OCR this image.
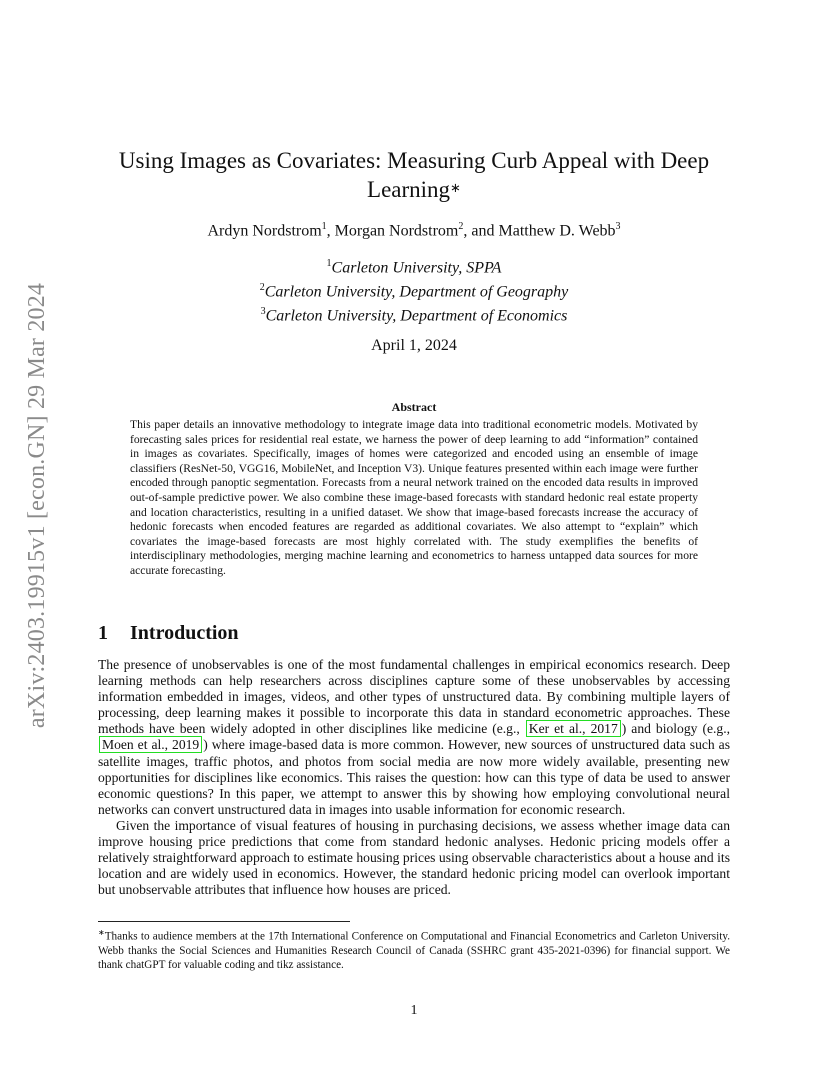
arXiv:2403.19915v1 [econ.GN] 29 Mar 2024
Using Images as Covariates: Measuring Curb Appeal with Deep Learning∗
Ardyn Nordstrom$^1$, Morgan Nordstrom$^2$, and Matthew D. Webb$^3$
$^1$Carleton University, SPPA
$^2$Carleton University, Department of Geography
$^3$Carleton University, Department of Economics
April 1, 2024
Abstract
This paper details an innovative methodology to integrate image data into traditional econometric models. Motivated by forecasting sales prices for residential real estate, we harness the power of deep learning to add “information” contained in images as covariates. Specifically, images of homes were categorized and encoded using an ensemble of image classifiers (ResNet-50, VGG16, MobileNet, and Inception V3). Unique features presented within each image were further encoded through panoptic segmentation. Forecasts from a neural network trained on the encoded data results in improved out-of-sample predictive power. We also combine these image-based forecasts with standard hedonic real estate property and location characteristics, resulting in a unified dataset. We show that image-based forecasts increase the accuracy of hedonic forecasts when encoded features are regarded as additional covariates. We also attempt to “explain” which covariates the image-based forecasts are most highly correlated with. The study exemplifies the benefits of interdisciplinary methodologies, merging machine learning and econometrics to harness untapped data sources for more accurate forecasting.
1 Introduction

The presence of unobservables is one of the most fundamental challenges in empirical economics research. Deep learning methods can help researchers across disciplines capture some of these unobservables by accessing information embedded in images, videos, and other types of unstructured data. By combining multiple layers of processing, deep learning makes it possible to incorporate this data in standard econometric approaches. These methods have been widely adopted in other disciplines like medicine (e.g., Ker et al., 2017 ) and biology (e.g., Moen et al., 2019 ) where image-based data is more common. However, new sources of unstructured data such as satellite images, traffic photos, and photos from social media are now more widely available, presenting new opportunities for disciplines like economics. This raises the question: how can this type of data be used to answer economic questions? In this paper, we attempt to answer this by showing how employing convolutional neural networks can convert unstructured data in images into usable information for economic research.

Given the importance of visual features of housing in purchasing decisions, we assess whether image data can improve housing price predictions that come from standard hedonic analyses. Hedonic pricing models offer a relatively straightforward approach to estimate housing prices using observable characteristics about a house and its location and are widely used in economics. However, the standard hedonic pricing model can overlook important but unobservable attributes that influence how houses are priced.

∗Thanks to audience members at the 17th International Conference on Computational and Financial Econometrics and Carleton University. Webb thanks the Social Sciences and Humanities Research Council of Canada (SSHRC grant 435-2021-0396) for financial support. We thank chatGPT for valuable coding and tikz assistance.
1
